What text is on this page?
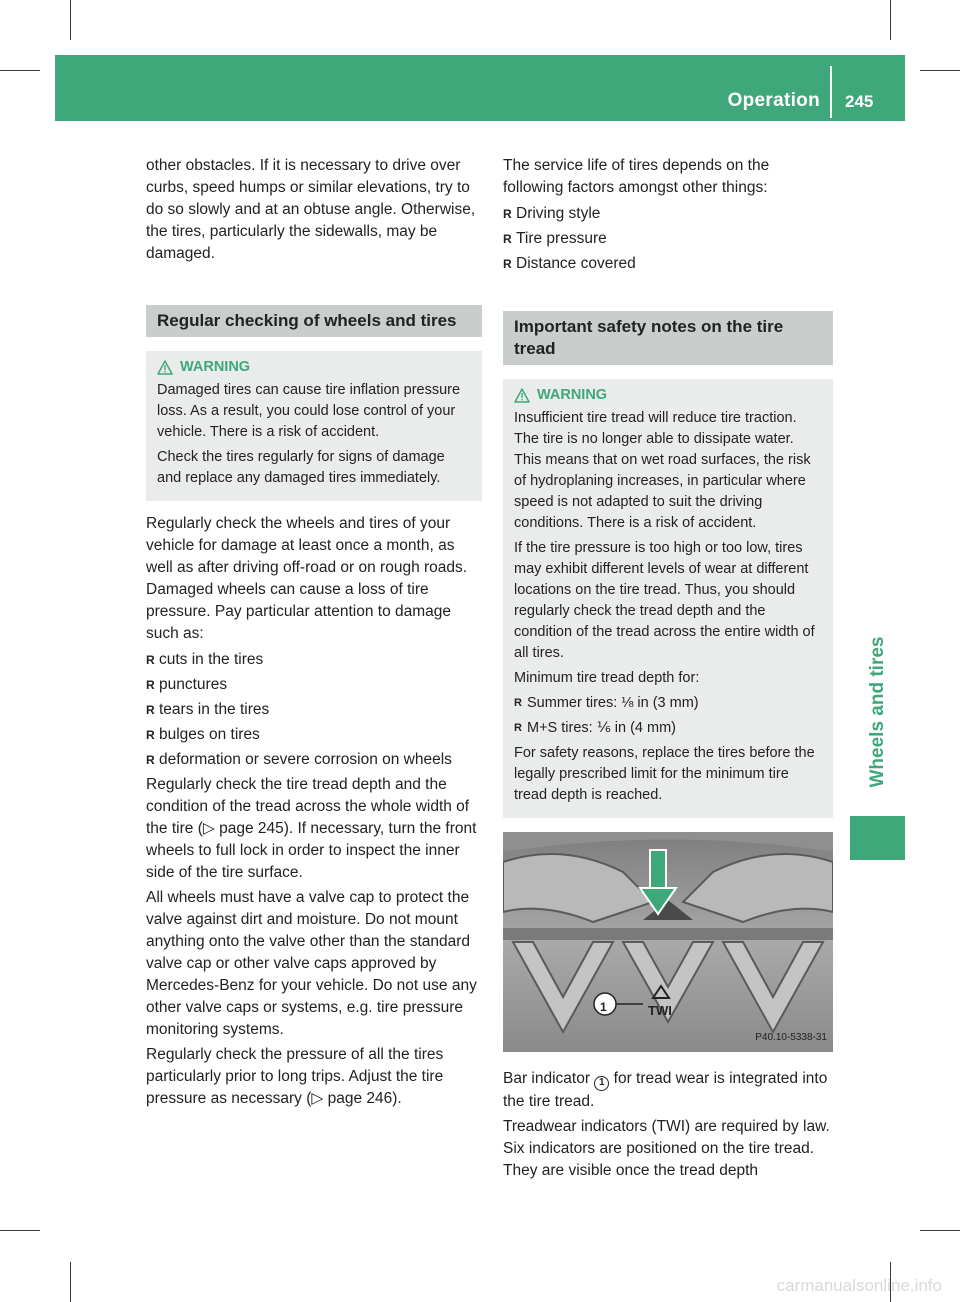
Operation 245
Wheels and tires

other obstacles. If it is necessary to drive over curbs, speed humps or similar elevations, try to do so slowly and at an obtuse angle. Otherwise, the tires, particularly the sidewalls, may be damaged.

Regular checking of wheels and tires
WARNING

Damaged tires can cause tire inflation pressure loss. As a result, you could lose control of your vehicle. There is a risk of accident.

Check the tires regularly for signs of damage and replace any damaged tires immediately.

Regularly check the wheels and tires of your vehicle for damage at least once a month, as well as after driving off-road or on rough roads. Damaged wheels can cause a loss of tire pressure. Pay particular attention to damage such as:

R cuts in the tires
R punctures
R tears in the tires
R bulges on tires
R deformation or severe corrosion on wheels

Regularly check the tire tread depth and the condition of the tread across the whole width of the tire (▷ page 245). If necessary, turn the front wheels to full lock in order to inspect the inner side of the tire surface.

All wheels must have a valve cap to protect the valve against dirt and moisture. Do not mount anything onto the valve other than the standard valve cap or other valve caps approved by Mercedes-Benz for your vehicle. Do not use any other valve caps or systems, e.g. tire pressure monitoring systems.

Regularly check the pressure of all the tires particularly prior to long trips. Adjust the tire pressure as necessary (▷ page 246).

The service life of tires depends on the following factors amongst other things:

R Driving style
R Tire pressure
R Distance covered
Important safety notes on the tire tread
WARNING

Insufficient tire tread will reduce tire traction. The tire is no longer able to dissipate water. This means that on wet road surfaces, the risk of hydroplaning increases, in particular where speed is not adapted to suit the driving conditions. There is a risk of accident.

If the tire pressure is too high or too low, tires may exhibit different levels of wear at different locations on the tire tread. Thus, you should regularly check the tread depth and the condition of the tread across the entire width of all tires.

Minimum tire tread depth for:

R Summer tires: ⅛ in (3 mm)
R M+S tires: ⅙ in (4 mm)

For safety reasons, replace the tires before the legally prescribed limit for the minimum tire tread depth is reached.

1	TWI
P40.10-5338-31

Bar indicator 1 for tread wear is integrated into the tire tread.

Treadwear indicators (TWI) are required by law. Six indicators are positioned on the tire tread. They are visible once the tread depth

carmanualsonline.info
